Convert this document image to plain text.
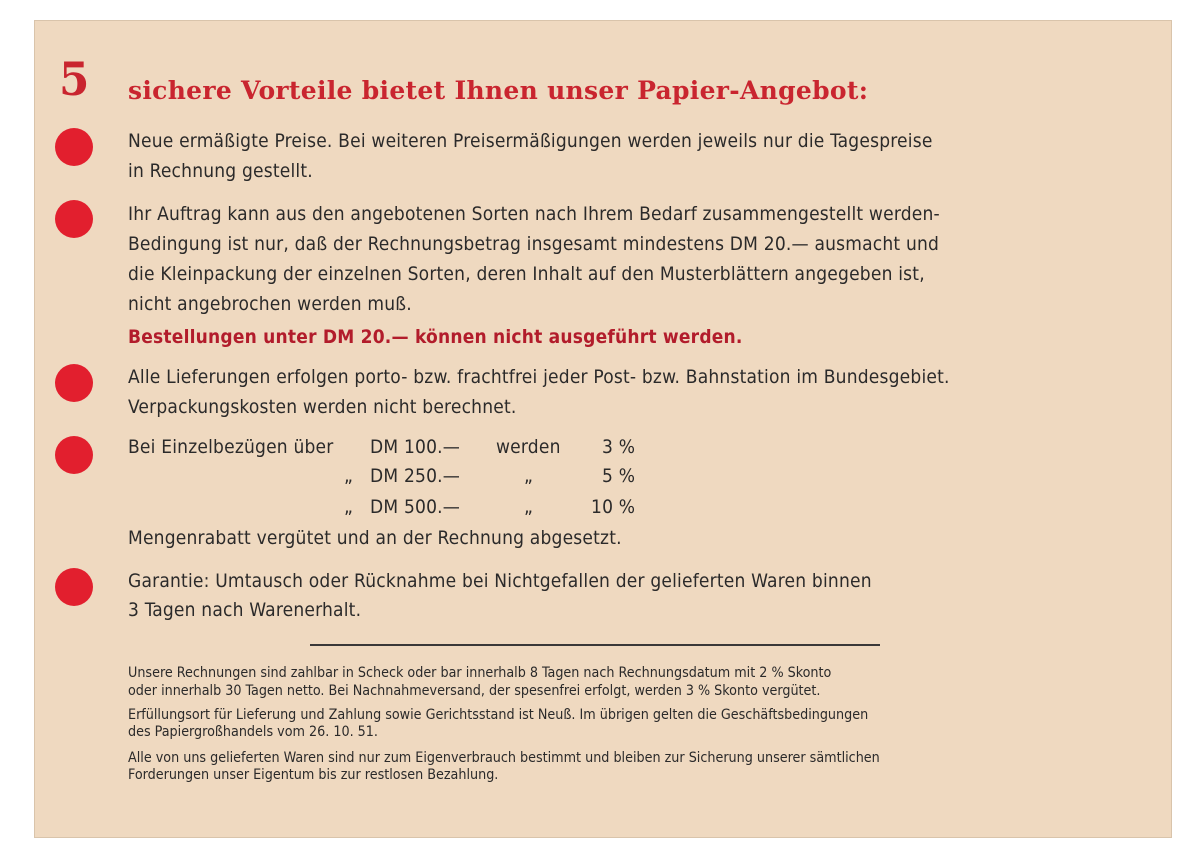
5 sichere Vorteile bietet Ihnen unser Papier-Angebot:
Neue ermäßigte Preise. Bei weiteren Preisermäßigungen werden jeweils nur die Tagespreise
in Rechnung gestellt.
Ihr Auftrag kann aus den angebotenen Sorten nach Ihrem Bedarf zusammengestellt werden-
Bedingung ist nur, daß der Rechnungsbetrag insgesamt mindestens DM 20.— ausmacht und
die Kleinpackung der einzelnen Sorten, deren Inhalt auf den Musterblättern angegeben ist,
nicht angebrochen werden muß.
Bestellungen unter DM 20.— können nicht ausgeführt werden.
Alle Lieferungen erfolgen porto- bzw. frachtfrei jeder Post- bzw. Bahnstation im Bundesgebiet.
Verpackungskosten werden nicht berechnet.
Bei Einzelbezügen über DM 100.— werden 3 %
„ DM 250.—	„	5 %
„ DM 500.—	„	10 %
Mengenrabatt vergütet und an der Rechnung abgesetzt.
Garantie: Umtausch oder Rücknahme bei Nichtgefallen der gelieferten Waren binnen
3 Tagen nach Warenerhalt.
Unsere Rechnungen sind zahlbar in Scheck oder bar innerhalb 8 Tagen nach Rechnungsdatum mit 2 % Skonto
oder innerhalb 30 Tagen netto. Bei Nachnahmeversand, der spesenfrei erfolgt, werden 3 % Skonto vergütet.
Erfüllungsort für Lieferung und Zahlung sowie Gerichtsstand ist Neuß. Im übrigen gelten die Geschäftsbedingungen
des Papiergroßhandels vom 26. 10. 51.
Alle von uns gelieferten Waren sind nur zum Eigenverbrauch bestimmt und bleiben zur Sicherung unserer sämtlichen
Forderungen unser Eigentum bis zur restlosen Bezahlung.
